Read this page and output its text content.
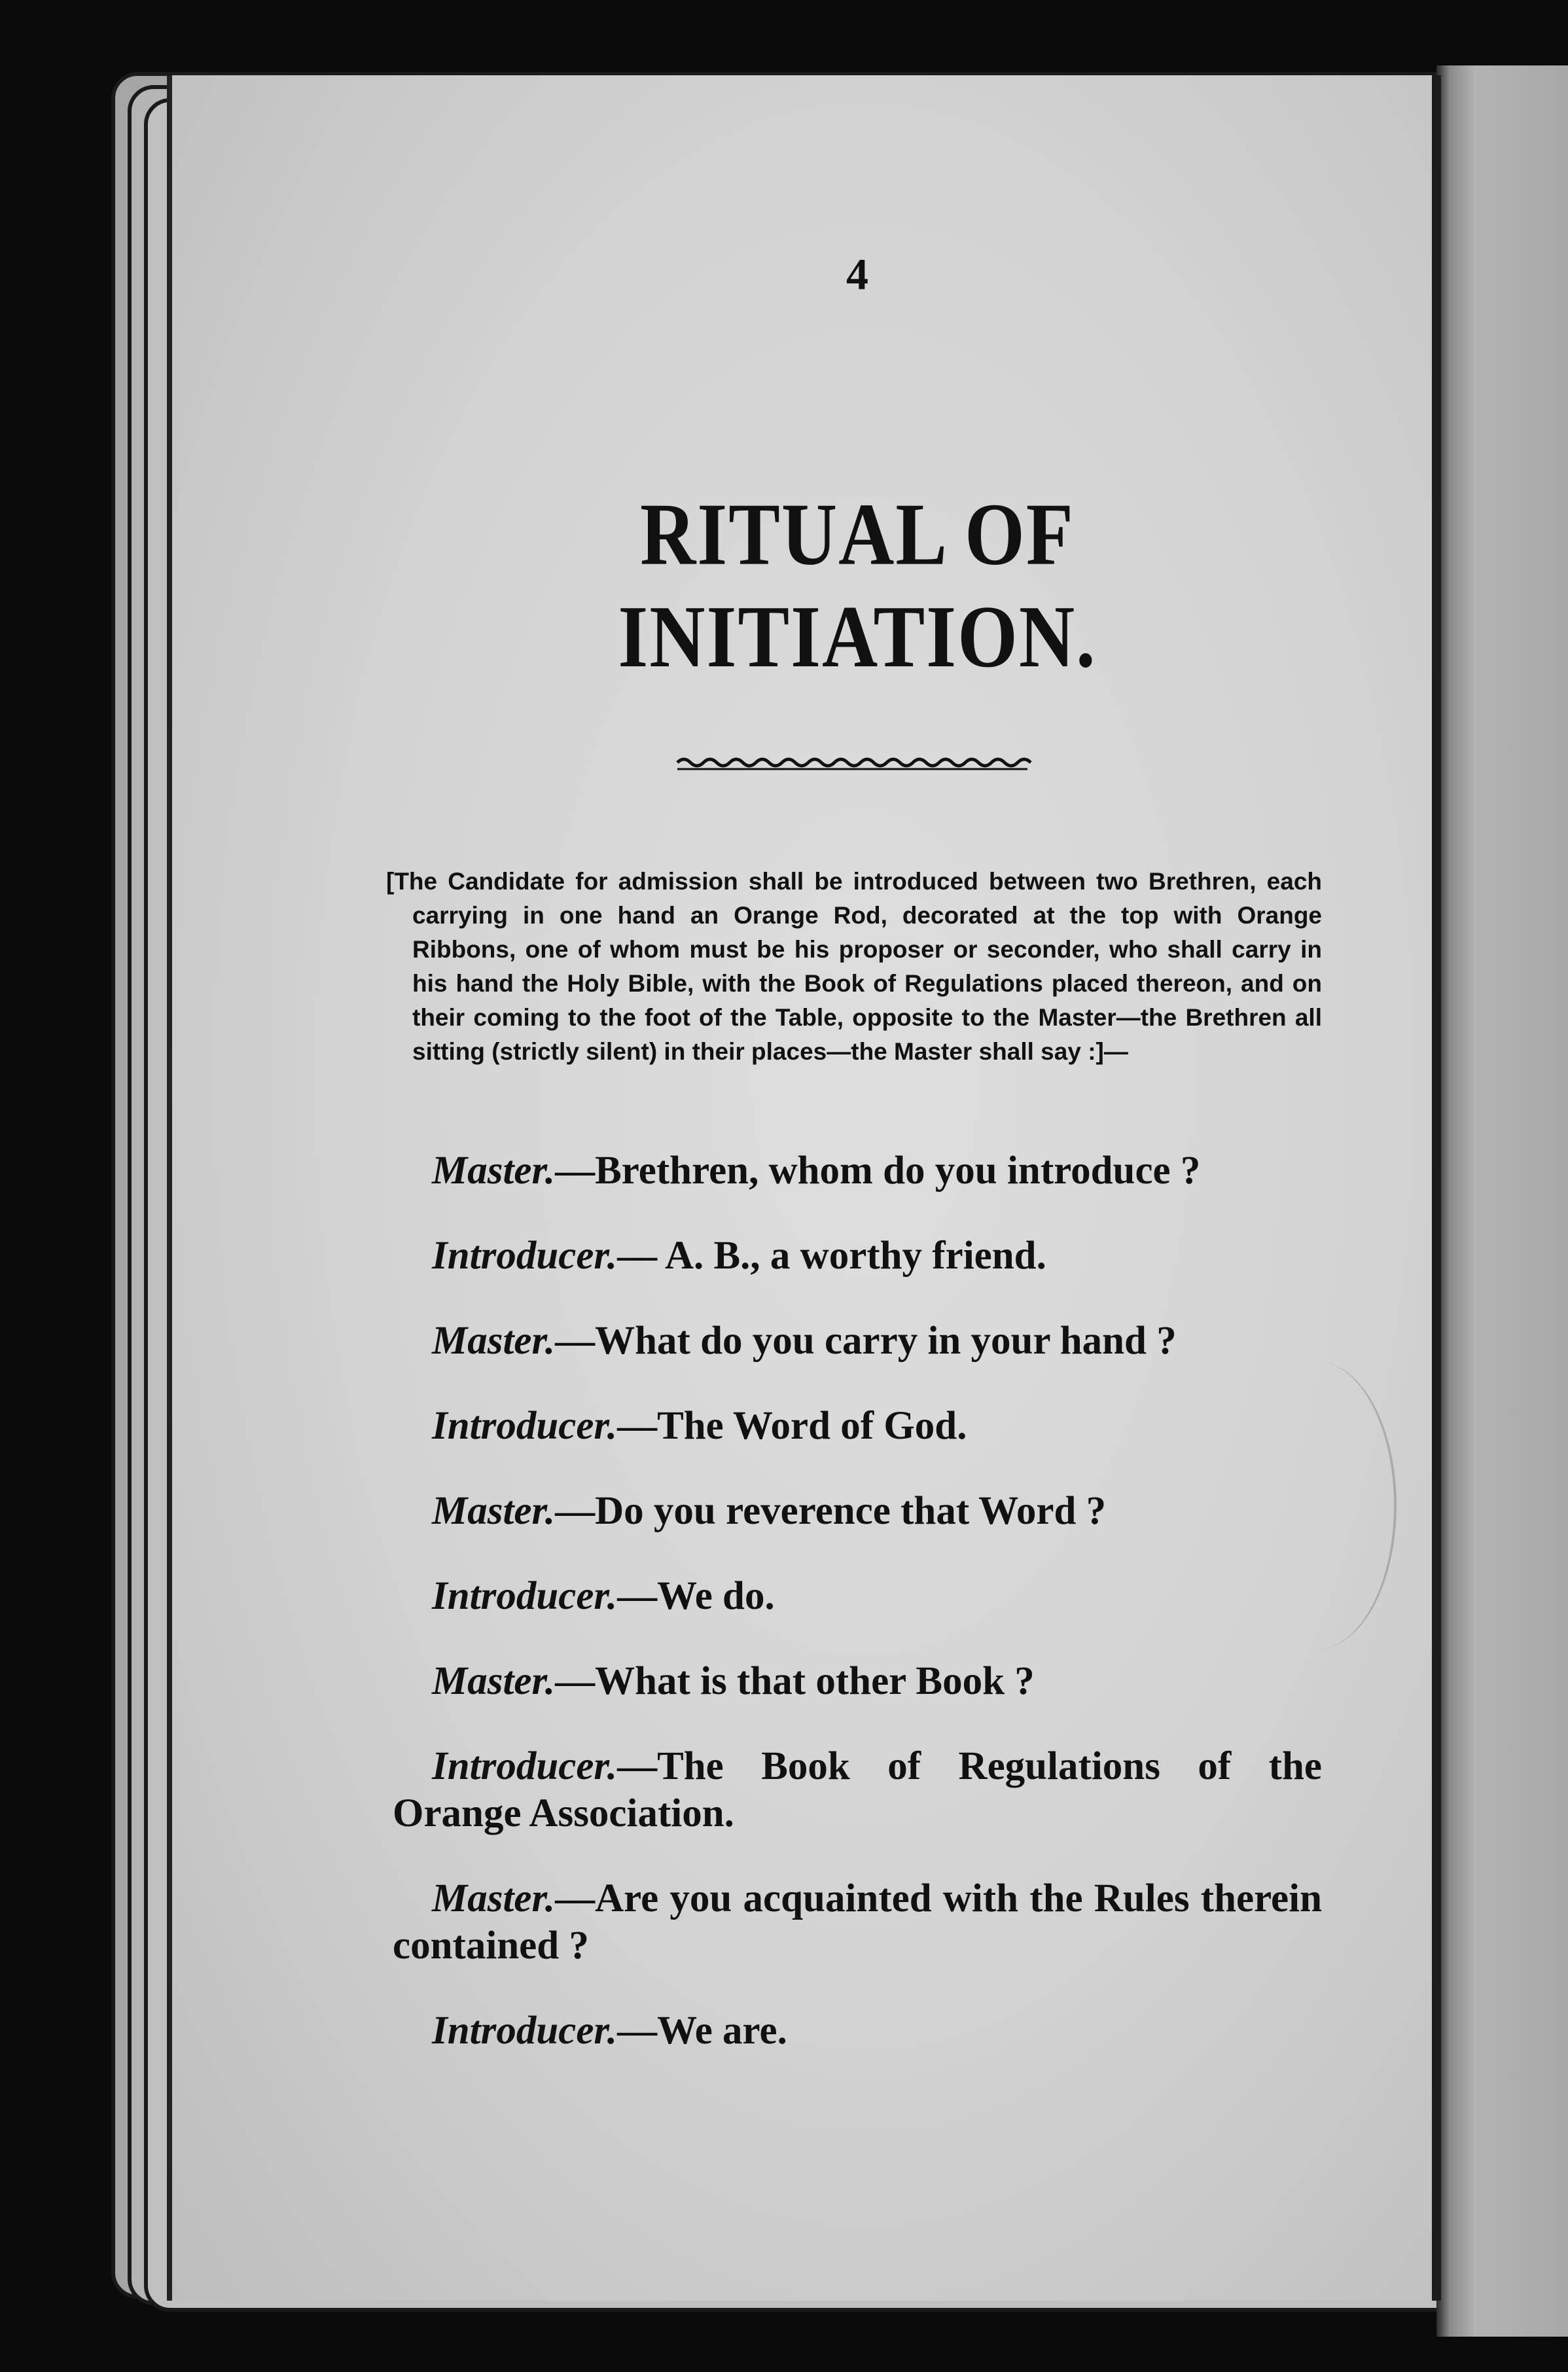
4
RITUAL OF INITIATION.

[The Candidate for admission shall be introduced between two Brethren, each carrying in one hand an Orange Rod, decorated at the top with Orange Ribbons, one of whom must be his proposer or seconder, who shall carry in his hand the Holy Bible, with the Book of Regulations placed thereon, and on their coming to the foot of the Table, opposite to the Master—the Brethren all sitting (strictly silent) in their places—the Master shall say :]—

Master.—Brethren, whom do you introduce ?

Introducer.— A. B., a worthy friend.

Master.—What do you carry in your hand ?

Introducer.—The Word of God.

Master.—Do you reverence that Word ?

Introducer.—We do.

Master.—What is that other Book ?

Introducer.—The Book of Regulations of the Orange Association.

Master.—Are you acquainted with the Rules therein contained ?

Introducer.—We are.
